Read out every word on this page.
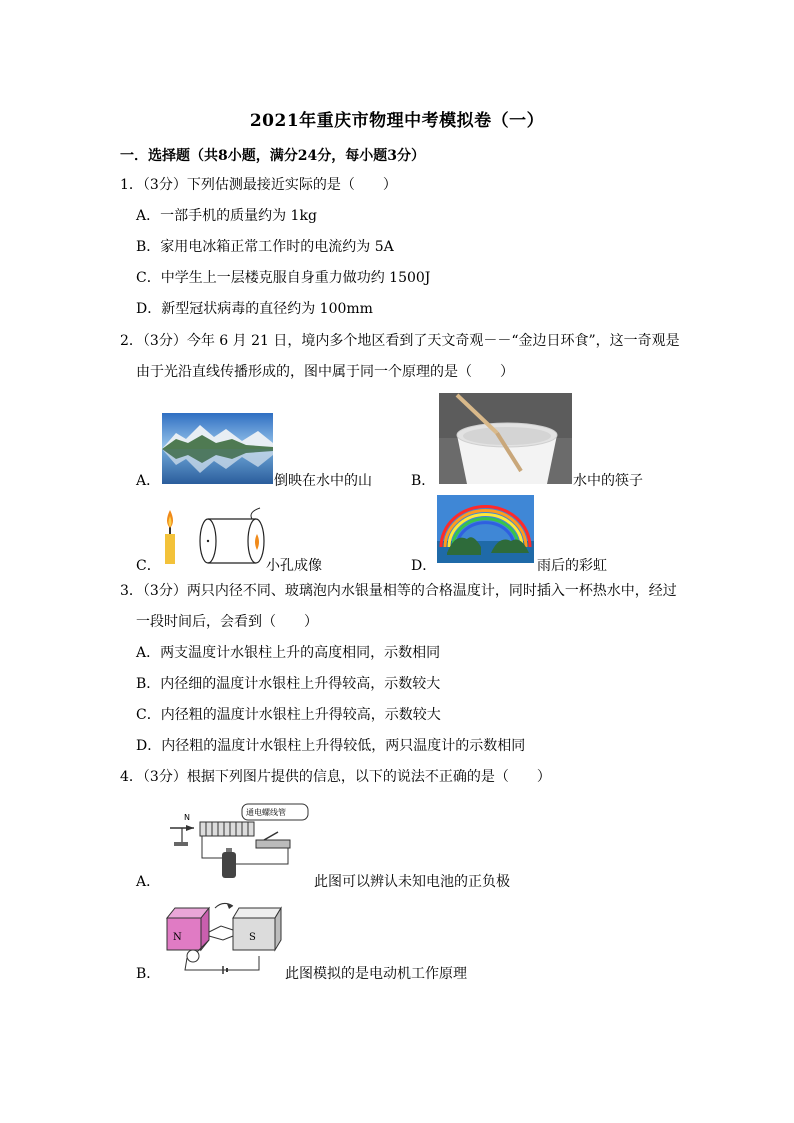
2021年重庆市物理中考模拟卷（一）
一．选择题（共8小题，满分24分，每小题3分）
1．（3分）下列估测最接近实际的是（　　）
A．一部手机的质量约为 1kg
B．家用电冰箱正常工作时的电流约为 5A
C．中学生上一层楼克服自身重力做功约 1500J
D．新型冠状病毒的直径约为 100mm
2．（3分）今年 6 月 21 日，境内多个地区看到了天文奇观－－“金边日环食”，这一奇观是
由于光沿直线传播形成的，图中属于同一个原理的是（　　）
A．	倒映在水中的山	B．	水中的筷子
C．	小孔成像	D．	雨后的彩虹
3．（3分）两只内径不同、玻璃泡内水银量相等的合格温度计，同时插入一杯热水中，经过
一段时间后，会看到（　　）
A．两支温度计水银柱上升的高度相同，示数相同
B．内径细的温度计水银柱上升得较高，示数较大
C．内径粗的温度计水银柱上升得较高，示数较大
D．内径粗的温度计水银柱上升得较低，两只温度计的示数相同
4．（3分）根据下列图片提供的信息，以下的说法不正确的是（　　）
A．
N
通电螺线管
此图可以辨认未知电池的正负极
B．
N	S
此图模拟的是电动机工作原理
